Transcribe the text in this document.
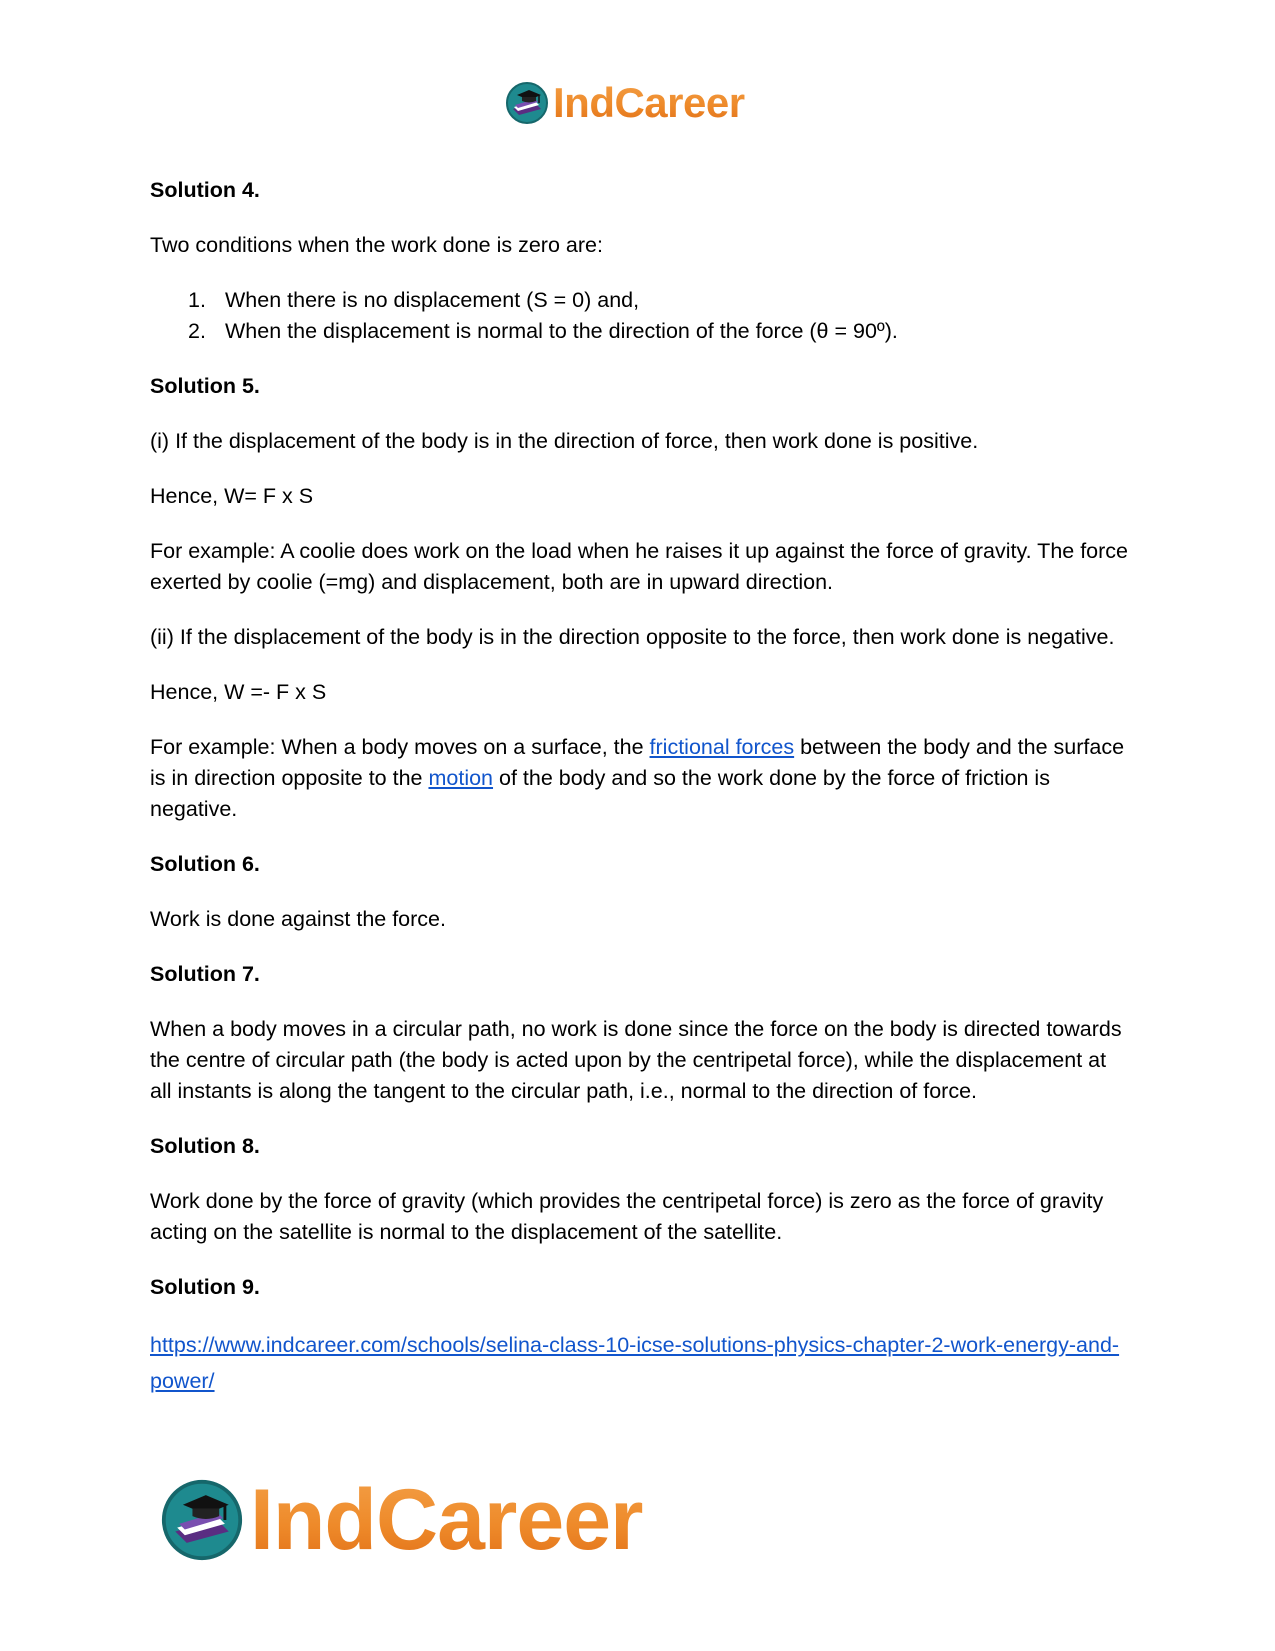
IndCareer
Solution 4.

Two conditions when the work done is zero are:

1. When there is no displacement (S = 0) and,
2. When the displacement is normal to the direction of the force (θ = 90º).
Solution 5.

(i) If the displacement of the body is in the direction of force, then work done is positive.

Hence, W= F x S

For example: A coolie does work on the load when he raises it up against the force of gravity. The force exerted by coolie (=mg) and displacement, both are in upward direction.

(ii) If the displacement of the body is in the direction opposite to the force, then work done is negative.

Hence, W =- F x S

For example: When a body moves on a surface, the frictional forces between the body and the surface is in direction opposite to the motion of the body and so the work done by the force of friction is negative.

Solution 6.

Work is done against the force.

Solution 7.

When a body moves in a circular path, no work is done since the force on the body is directed towards the centre of circular path (the body is acted upon by the centripetal force), while the displacement at all instants is along the tangent to the circular path, i.e., normal to the direction of force.

Solution 8.

Work done by the force of gravity (which provides the centripetal force) is zero as the force of gravity acting on the satellite is normal to the displacement of the satellite.

Solution 9.

https://www.indcareer.com/schools/selina-class-10-icse-solutions-physics-chapter-2-work-energy-and-power/

IndCareer
